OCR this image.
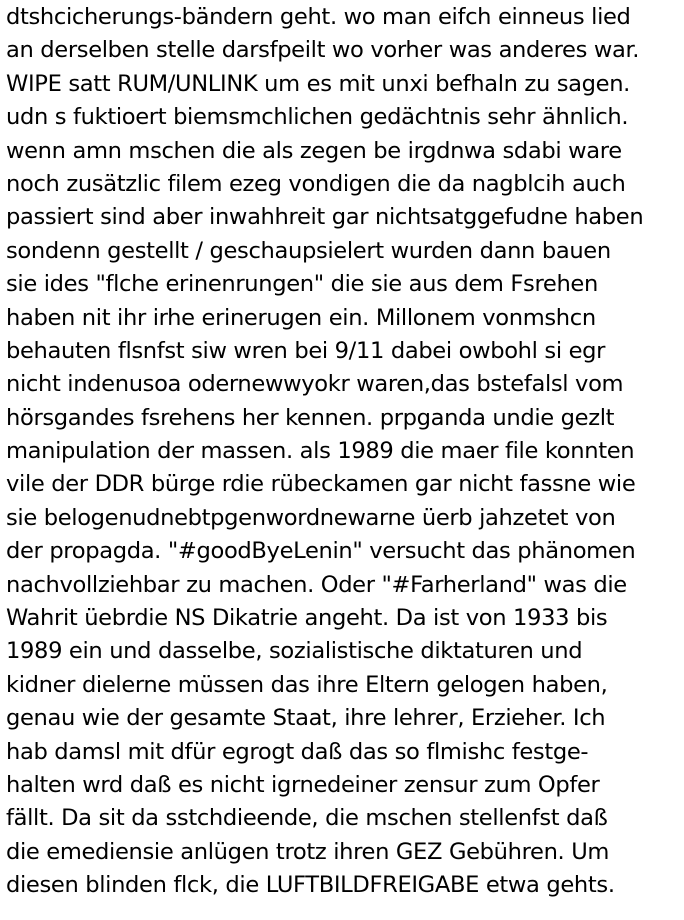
dtshcicherungs-bändern geht. wo man eifch einneus lied
an derselben stelle darsfpeilt wo vorher was anderes war.
WIPE satt RUM/UNLINK um es mit unxi befhaln zu sagen.
udn s fuktioert biemsmchlichen gedächtnis sehr ähnlich.
wenn amn mschen die als zegen be irgdnwa sdabi ware
noch zusätzlic filem ezeg vondigen die da nagblcih auch
passiert sind aber inwahhreit gar nichtsatggefudne haben
sondenn gestellt / geschaupsielert wurden dann bauen
sie ides "flche erinenrungen" die sie aus dem Fsrehen
haben nit ihr irhe erinerugen ein. Millonem vonmshcn
behauten flsnfst siw wren bei 9/11 dabei owbohl si egr
nicht indenusoa odernewwyokr waren,das bstefalsl vom
hörsgandes fsrehens her kennen. prpganda undie gezlt
manipulation der massen. als 1989 die maer file konnten
vile der DDR bürge rdie rübeckamen gar nicht fassne wie
sie belogenudnebtpgenwordnewarne üerb jahzetet von
der propagda. "#goodByeLenin" versucht das phänomen
nachvollziehbar zu machen. Oder "#Farherland" was die
Wahrit üebrdie NS Dikatrie angeht. Da ist von 1933 bis
1989 ein und dasselbe, sozialistische diktaturen und
kidner dielerne müssen das ihre Eltern gelogen haben,
genau wie der gesamte Staat, ihre lehrer, Erzieher. Ich
hab damsl mit dfür egrogt daß das so flmishc festge-
halten wrd daß es nicht igrnedeiner zensur zum Opfer
fällt. Da sit da sstchdieende, die mschen stellenfst daß
die emediensie anlügen trotz ihren GEZ Gebühren. Um
diesen blinden flck, die LUFTBILDFREIGABE etwa gehts.
